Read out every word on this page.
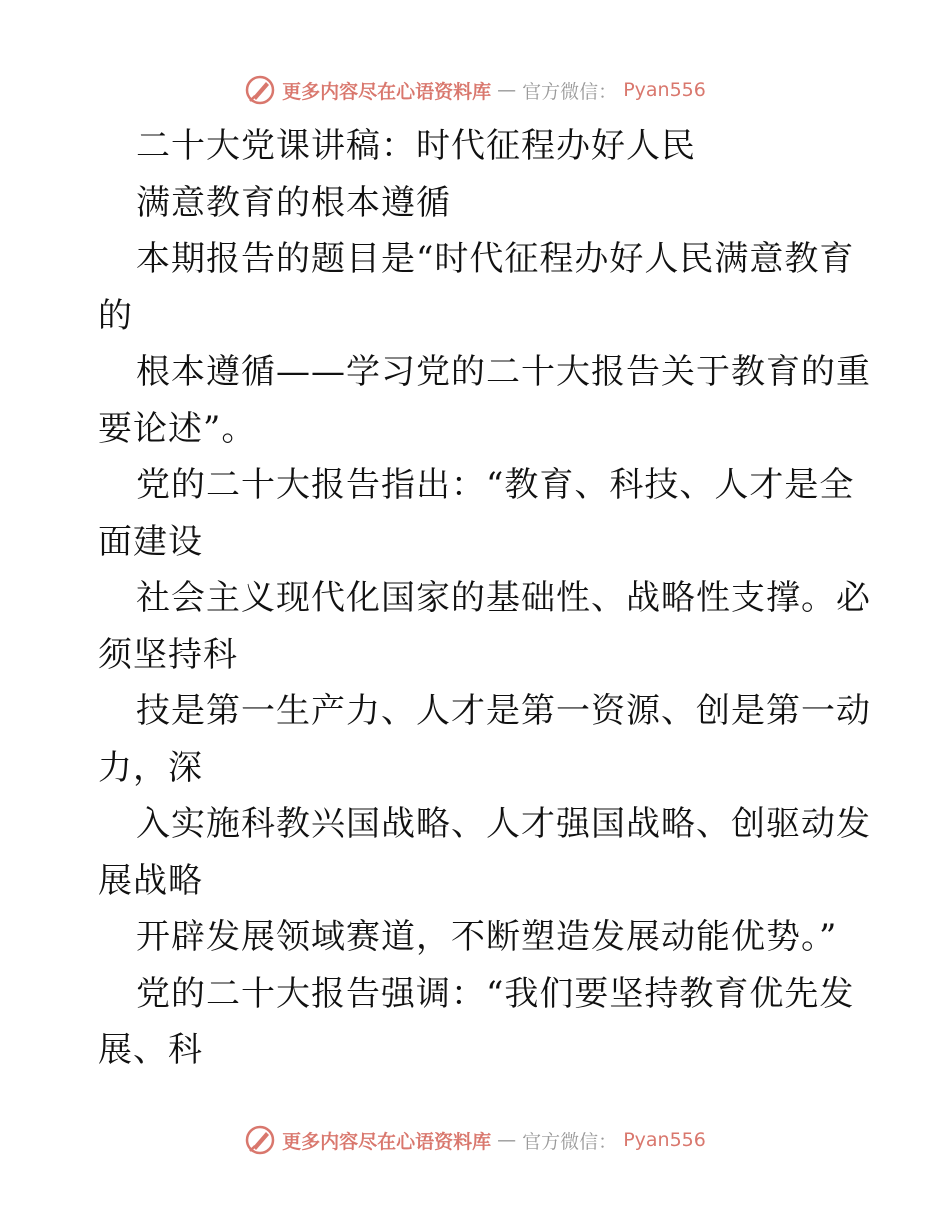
更多内容尽在心语资料库 — 官方微信： Pyan556
二十大党课讲稿：时代征程办好人民
满意教育的根本遵循
本期报告的题目是“时代征程办好人民满意教育
的
根本遵循——学习党的二十大报告关于教育的重
要论述”。
党的二十大报告指出：“教育、科技、人才是全
面建设
社会主义现代化国家的基础性、战略性支撑。必
须坚持科
技是第一生产力、人才是第一资源、创是第一动
力，深
入实施科教兴国战略、人才强国战略、创驱动发
展战略
开辟发展领域赛道，不断塑造发展动能优势。”
党的二十大报告强调：“我们要坚持教育优先发
展、科
更多内容尽在心语资料库 — 官方微信： Pyan556
